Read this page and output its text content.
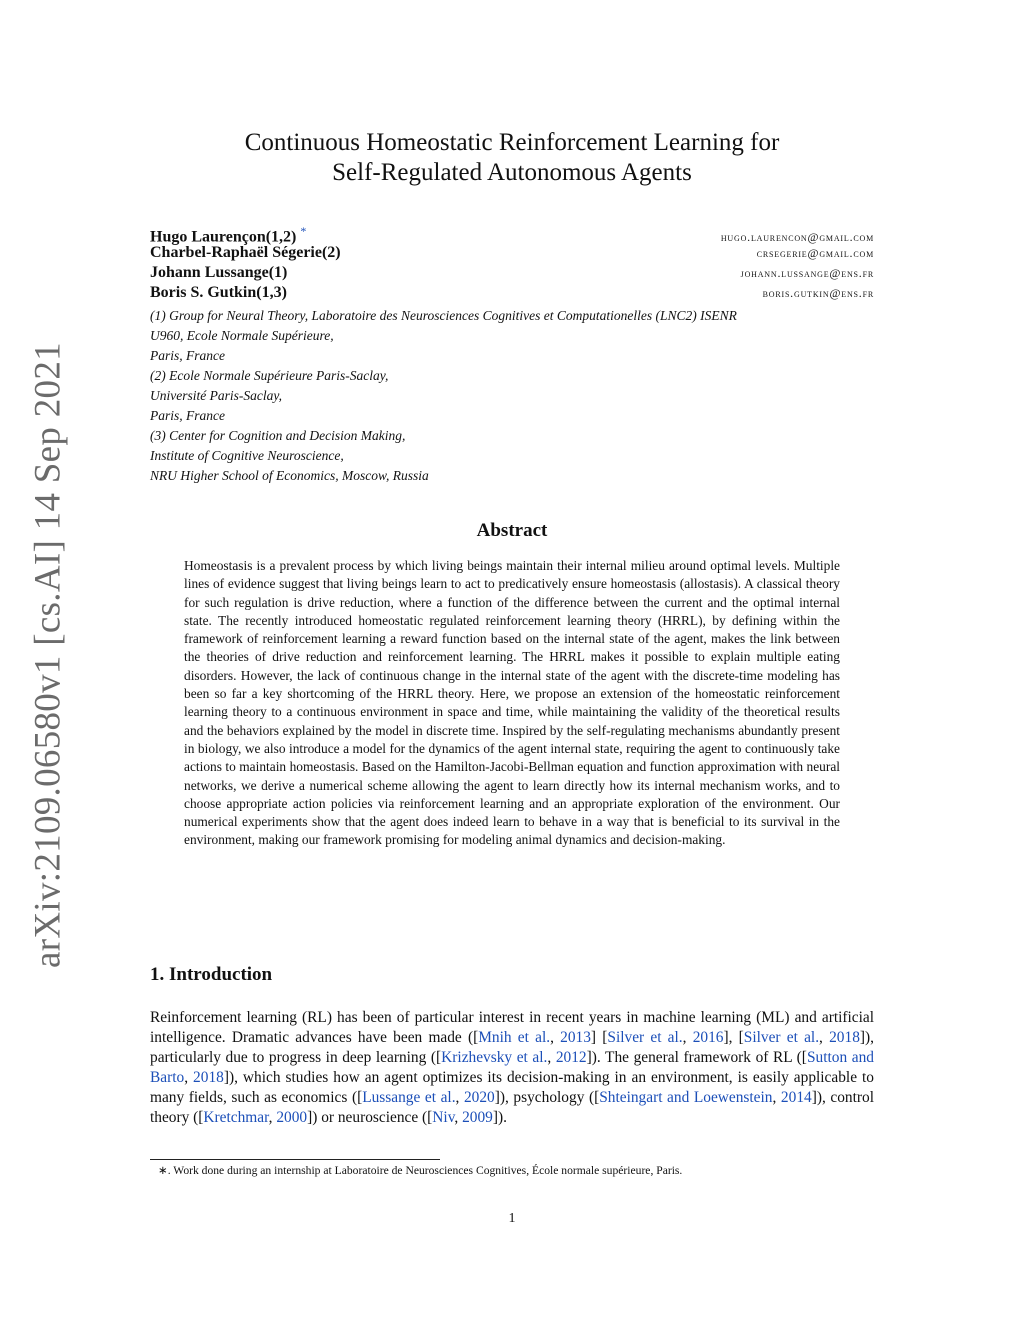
arXiv:2109.06580v1 [cs.AI] 14 Sep 2021
Continuous Homeostatic Reinforcement Learning for
Self-Regulated Autonomous Agents
Hugo Laurençon(1,2) *	hugo.laurencon@gmail.com
Charbel-Raphaël Ségerie(2)	crsegerie@gmail.com
Johann Lussange(1)	johann.lussange@ens.fr
Boris S. Gutkin(1,3)	boris.gutkin@ens.fr
(1) Group for Neural Theory, Laboratoire des Neurosciences Cognitives et Computationelles (LNC2) ISENR
U960, Ecole Normale Supérieure,
Paris, France
(2) Ecole Normale Supérieure Paris-Saclay,
Université Paris-Saclay,
Paris, France
(3) Center for Cognition and Decision Making,
Institute of Cognitive Neuroscience,
NRU Higher School of Economics, Moscow, Russia
Abstract
Homeostasis is a prevalent process by which living beings maintain their internal milieu around optimal levels. Multiple lines of evidence suggest that living beings learn to act to predicatively ensure homeostasis (allostasis). A classical theory for such regulation is drive reduction, where a function of the difference between the current and the optimal internal state. The recently introduced homeostatic regulated reinforcement learning theory (HRRL), by defining within the framework of reinforcement learning a reward function based on the internal state of the agent, makes the link between the theories of drive reduction and reinforcement learning. The HRRL makes it possible to explain multiple eating disorders. However, the lack of continuous change in the internal state of the agent with the discrete-time modeling has been so far a key shortcoming of the HRRL theory. Here, we propose an extension of the homeostatic reinforcement learning theory to a continuous environment in space and time, while maintaining the validity of the theoretical results and the behaviors explained by the model in discrete time. Inspired by the self-regulating mechanisms abundantly present in biology, we also introduce a model for the dynamics of the agent internal state, requiring the agent to continuously take actions to maintain homeostasis. Based on the Hamilton-Jacobi-Bellman equation and function approximation with neural networks, we derive a numerical scheme allowing the agent to learn directly how its internal mechanism works, and to choose appropriate action policies via reinforcement learning and an appropriate exploration of the environment. Our numerical experiments show that the agent does indeed learn to behave in a way that is beneficial to its survival in the environment, making our framework promising for modeling animal dynamics and decision-making.
1. Introduction
Reinforcement learning (RL) has been of particular interest in recent years in machine learning (ML) and artificial intelligence. Dramatic advances have been made ([Mnih et al., 2013] [Silver et al., 2016], [Silver et al., 2018]), particularly due to progress in deep learning ([Krizhevsky et al., 2012]). The general framework of RL ([Sutton and Barto, 2018]), which studies how an agent optimizes its decision-making in an environment, is easily applicable to many fields, such as economics ([Lussange et al., 2020]), psychology ([Shteingart and Loewenstein, 2014]), control theory ([Kretchmar, 2000]) or neuroscience ([Niv, 2009]).
∗. Work done during an internship at Laboratoire de Neurosciences Cognitives, École normale supérieure, Paris.
1
